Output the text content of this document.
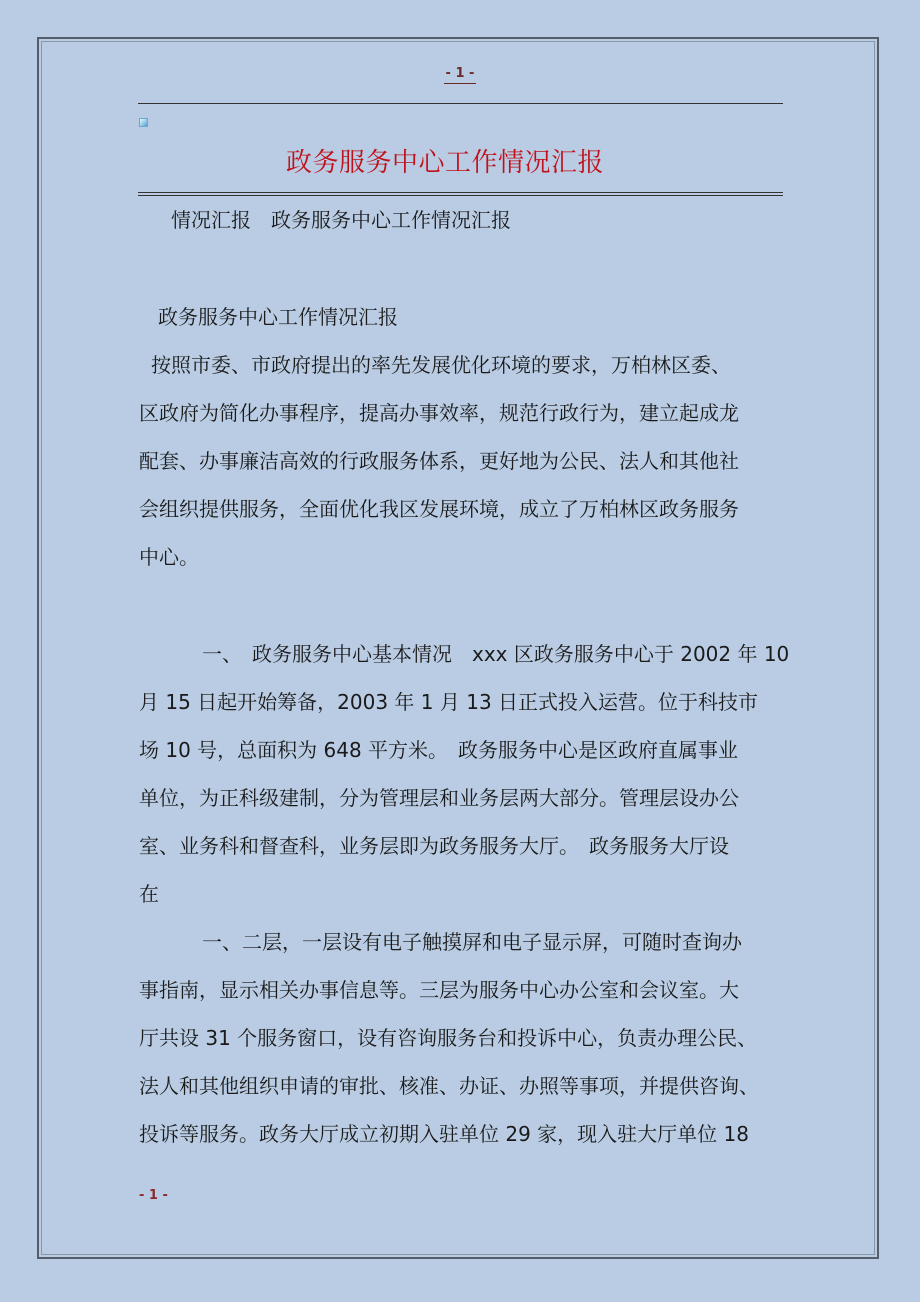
- 1 -
政务服务中心工作情况汇报
情况汇报　政务服务中心工作情况汇报
政务服务中心工作情况汇报
按照市委、市政府提出的率先发展优化环境的要求，万柏林区委、
区政府为简化办事程序，提高办事效率，规范行政行为，建立起成龙
配套、办事廉洁高效的行政服务体系，更好地为公民、法人和其他社
会组织提供服务，全面优化我区发展环境，成立了万柏林区政务服务
中心。
一、　政务服务中心基本情况　xxx 区政务服务中心于 2002 年 10
月 15 日起开始筹备，2003 年 1 月 13 日正式投入运营。位于科技市
场 10 号，总面积为 648 平方米。　政务服务中心是区政府直属事业
单位，为正科级建制，分为管理层和业务层两大部分。管理层设办公
室、业务科和督查科，业务层即为政务服务大厅。　政务服务大厅设
在
一、二层，一层设有电子触摸屏和电子显示屏，可随时查询办
事指南，显示相关办事信息等。三层为服务中心办公室和会议室。大
厅共设 31 个服务窗口，设有咨询服务台和投诉中心，负责办理公民、
法人和其他组织申请的审批、核准、办证、办照等事项，并提供咨询、
投诉等服务。政务大厅成立初期入驻单位 29 家，现入驻大厅单位 18
- 1 -
